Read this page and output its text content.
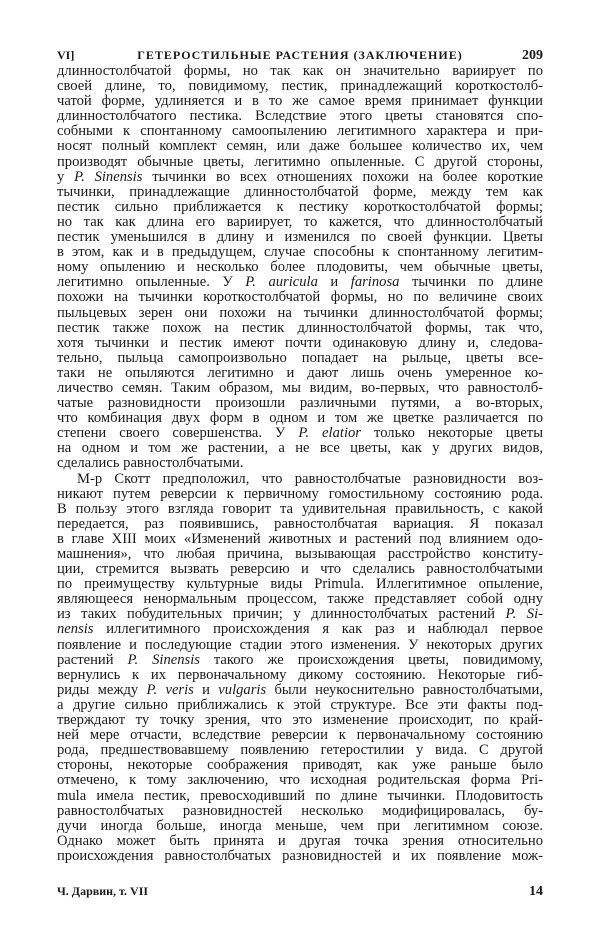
VI]	ГЕТЕРОСТИЛЬНЫЕ РАСТЕНИЯ (ЗАКЛЮЧЕНИЕ)	209
длинностолбчатой формы, но так как он значительно вариирует по
своей длине, то, повидимому, пестик, принадлежащий короткостолб-
чатой форме, удлиняется и в то же самое время принимает функции
длинностолбчатого пестика. Вследствие этого цветы становятся спо-
собными к спонтанному самоопылению легитимного характера и при-
носят полный комплект семян, или даже большее количество их, чем
производят обычные цветы, легитимно опыленные. С другой стороны,
у P. Sinensis тычинки во всех отношениях похожи на более короткие
тычинки, принадлежащие длинностолбчатой форме, между тем как
пестик сильно приближается к пестику короткостолбчатой формы;
но так как длина его вариирует, то кажется, что длинностолбчатый
пестик уменьшился в длину и изменился по своей функции. Цветы
в этом, как и в предыдущем, случае способны к спонтанному легитим-
ному опылению и несколько более плодовиты, чем обычные цветы,
легитимно опыленные. У P. auricula и farinosa тычинки по длине
похожи на тычинки короткостолбчатой формы, но по величине своих
пыльцевых зерен они похожи на тычинки длинностолбчатой формы;
пестик также похож на пестик длинностолбчатой формы, так что,
хотя тычинки и пестик имеют почти одинаковую длину и, следова-
тельно, пыльца самопроизвольно попадает на рыльце, цветы все-
таки не опыляются легитимно и дают лишь очень умеренное ко-
личество семян. Таким образом, мы видим, во-первых, что равностолб-
чатые разновидности произошли различными путями, а во-вторых,
что комбинация двух форм в одном и том же цветке различается по
степени своего совершенства. У P. elatior только некоторые цветы
на одном и том же растении, а не все цветы, как у других видов,
сделались равностолбчатыми.
М-р Скотт предположил, что равностолбчатые разновидности воз-
никают путем реверсии к первичному гомостильному состоянию рода.
В пользу этого взгляда говорит та удивительная правильность, с какой
передается, раз появившись, равностолбчатая вариация. Я показал
в главе XIII моих «Изменений животных и растений под влиянием одо-
машнения», что любая причина, вызывающая расстройство конститу-
ции, стремится вызвать реверсию и что сделались равностолбчатыми
по преимуществу культурные виды Primula. Иллегитимное опыление,
являющееся ненормальным процессом, также представляет собой одну
из таких побудительных причин; у длинностолбчатых растений P. Si-
nensis иллегитимного происхождения я как раз и наблюдал первое
появление и последующие стадии этого изменения. У некоторых других
растений P. Sinensis такого же происхождения цветы, повидимому,
вернулись к их первоначальному дикому состоянию. Некоторые гиб-
риды между P. veris и vulgaris были неукоснительно равностолбчатыми,
а другие сильно приближались к этой структуре. Все эти факты под-
тверждают ту точку зрения, что это изменение происходит, по край-
ней мере отчасти, вследствие реверсии к первоначальному состоянию
рода, предшествовавшему появлению гетеростилии у вида. С другой
стороны, некоторые соображения приводят, как уже раньше было
отмечено, к тому заключению, что исходная родительская форма Pri-
mula имела пестик, превосходивший по длине тычинки. Плодовитость
равностолбчатых разновидностей несколько модифицировалась, бу-
дучи иногда больше, иногда меньше, чем при легитимном союзе.
Однако может быть принята и другая точка зрения относительно
происхождения равностолбчатых разновидностей и их появление мож-
Ч. Дарвин, т. VII	14
